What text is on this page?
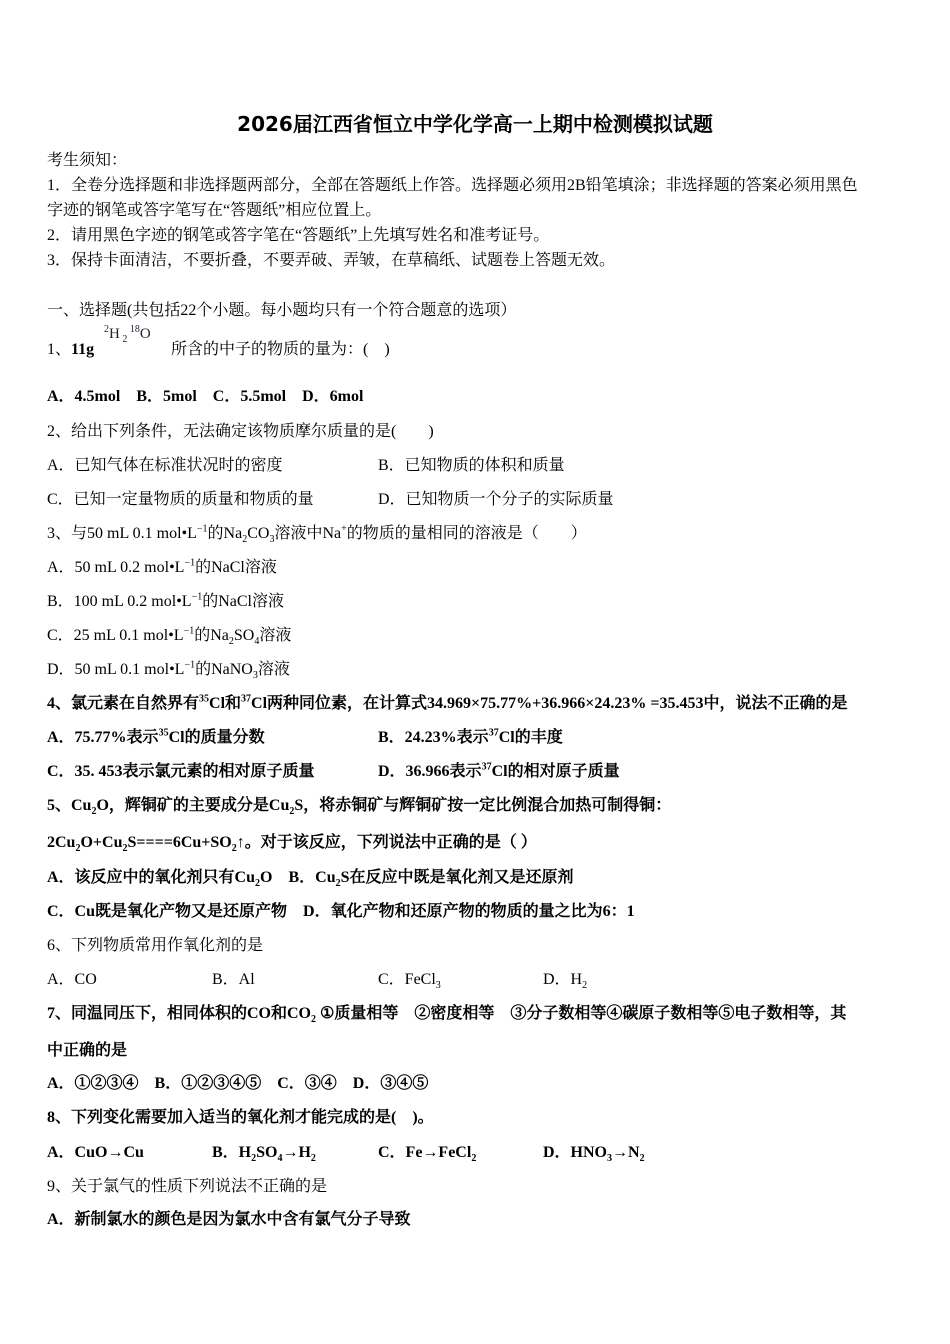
2026届江西省恒立中学化学高一上期中检测模拟试题
考生须知：
1．全卷分选择题和非选择题两部分，全部在答题纸上作答。选择题必须用2B铅笔填涂；非选择题的答案必须用黑色
字迹的钢笔或答字笔写在“答题纸”相应位置上。
2．请用黑色字迹的钢笔或答字笔在“答题纸”上先填写姓名和准考证号。
3．保持卡面清洁，不要折叠，不要弄破、弄皱，在草稿纸、试题卷上答题无效。
一、选择题(共包括22个小题。每小题均只有一个符合题意的选项）
1、11g
$^2$H $_2$ $^{18}$O
所含的中子的物质的量为：(　)
A．4.5mol　B．5mol　C．5.5mol　D．6mol
2、给出下列条件，无法确定该物质摩尔质量的是(　　)
A．已知气体在标准状况时的密度	B．已知物质的体积和质量
C．已知一定量物质的质量和物质的量	D．已知物质一个分子的实际质量
3、与50 mL 0.1 $mol•L^{-1}$的$Na_2CO_3$溶液中Na+的物质的量相同的溶液是（　　）
A．50 mL 0.2 $mol•L^{-1}$的NaCl溶液
B．100 mL 0.2 $mol•L^{-1}$的NaCl溶液
C．25 mL 0.1 $mol•L^{-1}$的$Na_2SO_4$溶液
D．50 mL 0.1 $mol•L^{-1}$的NaNO$_3$溶液
4、氯元素在自然界有$^{35}$Cl和$^{37}$Cl两种同位素，在计算式34.969×75.77%+36.966×24.23% =35.453中，说法不正确的是
A．75.77%表示$^{35}$Cl的质量分数	B．24.23%表示$^{37}$Cl的丰度
C．35. 453表示氯元素的相对原子质量	D．36.966表示$^{37}$Cl的相对原子质量
5、$Cu_2O$，辉铜矿的主要成分是$Cu_2S$，将赤铜矿与辉铜矿按一定比例混合加热可制得铜：
$2Cu_2O+Cu_2S====6Cu+SO_2↑$。对于该反应，下列说法中正确的是（ ）
A．该反应中的氧化剂只有$Cu_2O$　B．$Cu_2S$在反应中既是氧化剂又是还原剂
C．Cu既是氧化产物又是还原产物　D．氧化产物和还原产物的物质的量之比为6：1
6、下列物质常用作氧化剂的是
A．CO	B．Al	C．FeCl$_3$	D．$H_2$
7、同温同压下，相同体积的CO和$CO_2$ ①质量相等　②密度相等　③分子数相等④碳原子数相等⑤电子数相等，其
中正确的是
A．①②③④　B．①②③④⑤　C．③④　D．③④⑤
8、下列变化需要加入适当的氧化剂才能完成的是(　)。
A．CuO→Cu	B．$H_2SO_4\to H_2$	C．Fe→FeCl$_2$	D．$HNO_3\to N_2$
9、关于氯气的性质下列说法不正确的是
A．新制氯水的颜色是因为氯水中含有氯气分子导致
